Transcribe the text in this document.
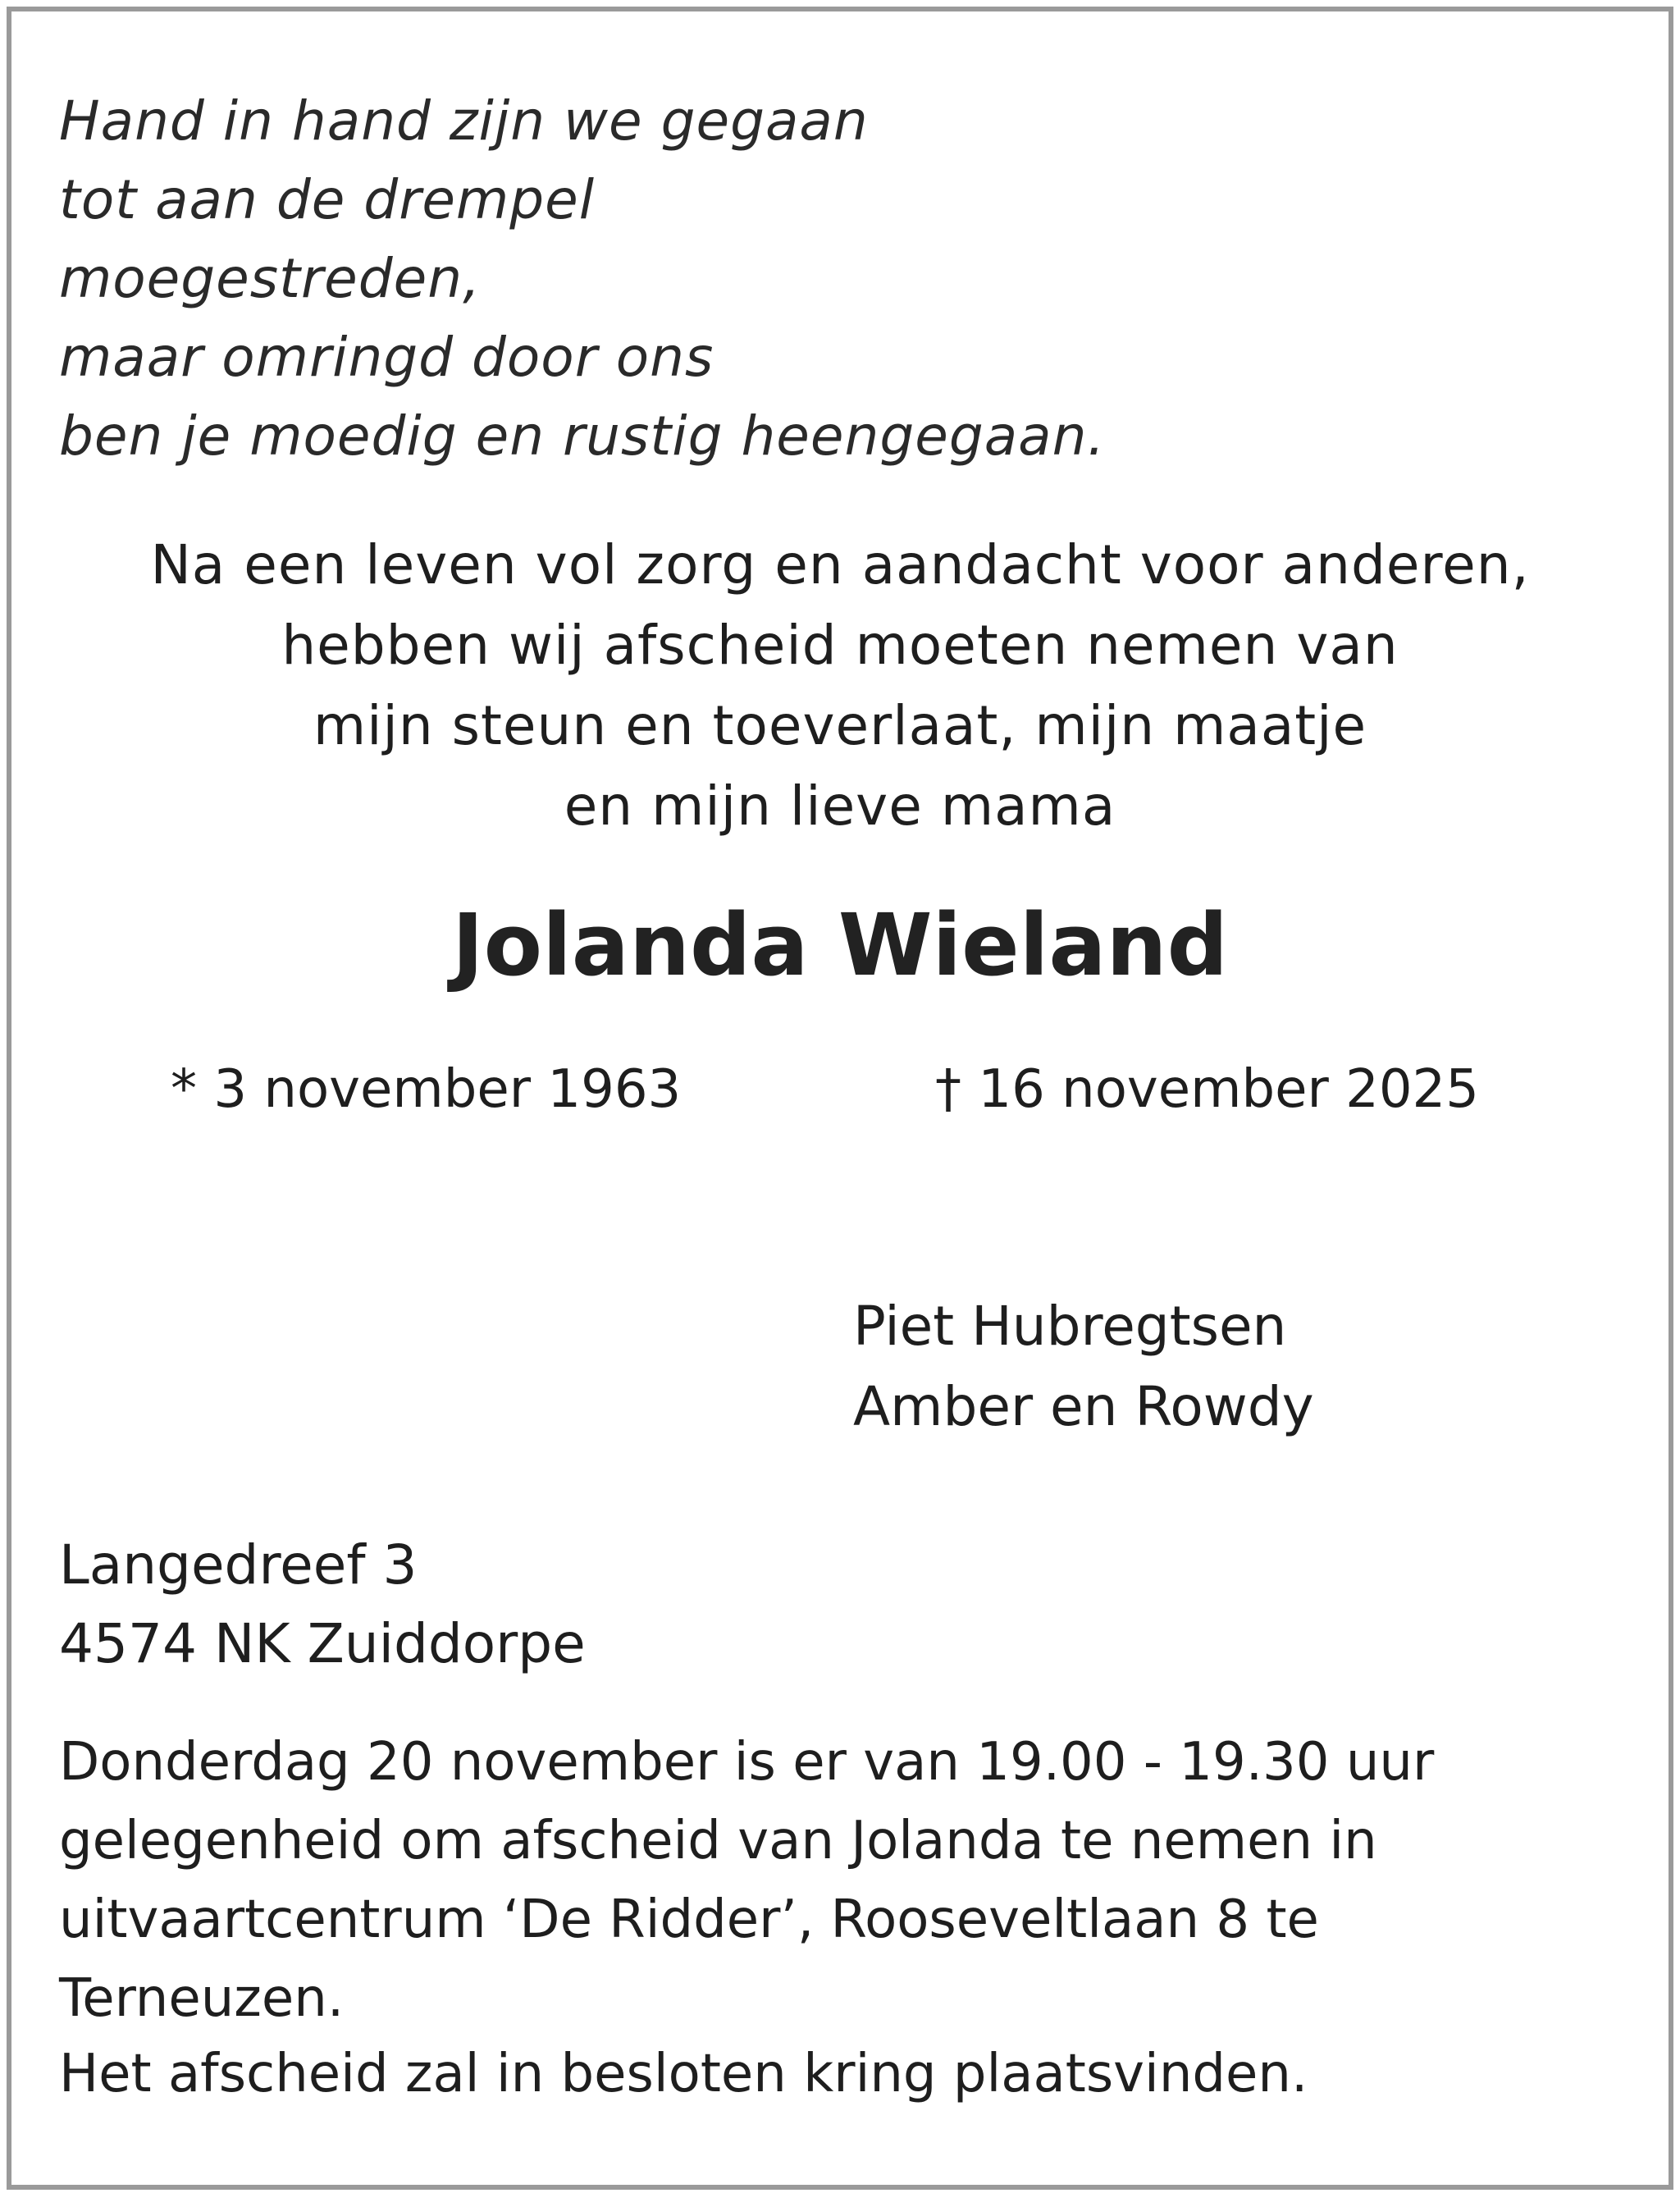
Hand in hand zijn we gegaan
tot aan de drempel
moegestreden,
maar omringd door ons
ben je moedig en rustig heengegaan.
Na een leven vol zorg en aandacht voor anderen,
hebben wij afscheid moeten nemen van
mijn steun en toeverlaat, mijn maatje
en mijn lieve mama
Jolanda Wieland
* 3 november 1963	† 16 november 2025
Piet Hubregtsen
Amber en Rowdy
Langedreef 3
4574 NK Zuiddorpe
Donderdag 20 november is er van 19.00 - 19.30 uur
gelegenheid om afscheid van Jolanda te nemen in
uitvaartcentrum ‘De Ridder’, Rooseveltlaan 8 te
Terneuzen.
Het afscheid zal in besloten kring plaatsvinden.
